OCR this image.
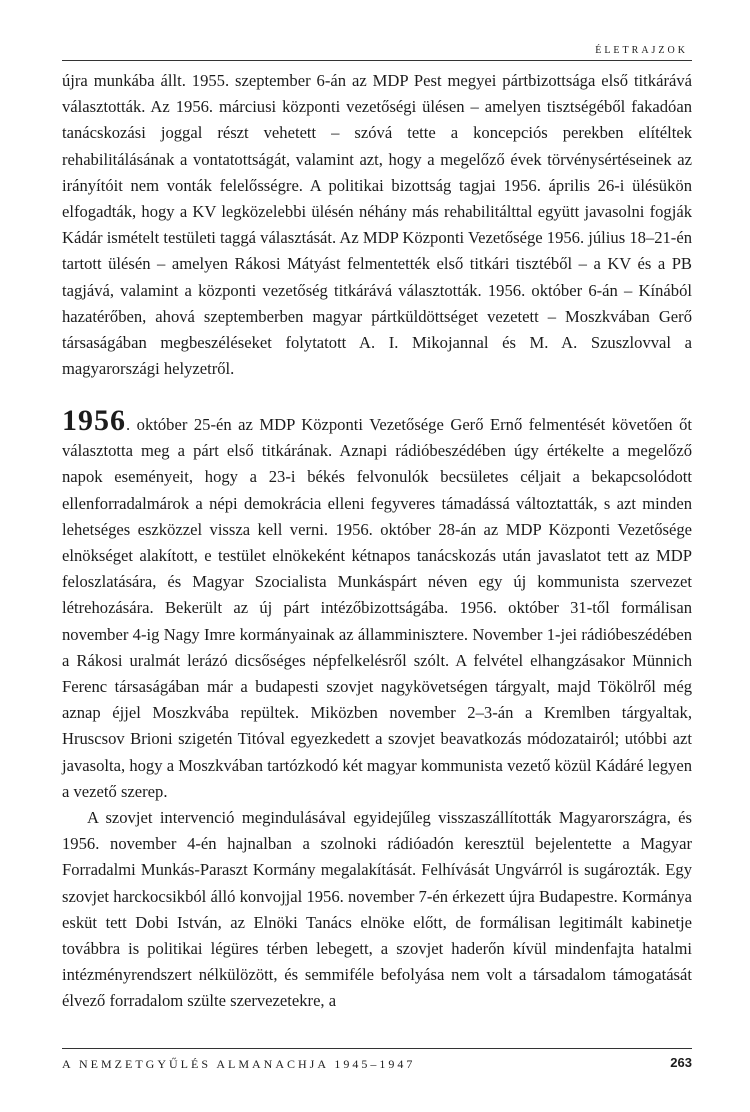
ÉLETRAJZOK

újra munkába állt. 1955. szeptember 6-án az MDP Pest megyei pártbizottsága első titkárává választották. Az 1956. márciusi központi vezetőségi ülésen – amelyen tisztségéből fakadóan tanácskozási joggal részt vehetett – szóvá tette a koncepciós perekben elítéltek rehabilitálásának a vontatottságát, valamint azt, hogy a megelőző évek törvénysértéseinek az irányítóit nem vonták felelősségre. A politikai bizottság tagjai 1956. április 26-i ülésükön elfogadták, hogy a KV legközelebbi ülésén néhány más rehabilitálttal együtt javasolni fogják Kádár ismételt testületi taggá választását. Az MDP Központi Vezetősége 1956. július 18–21-én tartott ülésén – amelyen Rákosi Mátyást felmentették első titkári tisztéből – a KV és a PB tagjává, valamint a központi vezetőség titkárává választották. 1956. október 6-án – Kínából hazatérőben, ahová szeptemberben magyar pártküldöttséget vezetett – Moszkvában Gerő társaságában megbeszéléseket folytatott A. I. Mikojannal és M. A. Szuszlovval a magyarországi helyzetről.

1956. október 25-én az MDP Központi Vezetősége Gerő Ernő felmentését követően őt választotta meg a párt első titkárának. Aznapi rádióbeszédében úgy értékelte a megelőző napok eseményeit, hogy a 23-i békés felvonulók becsületes céljait a bekapcsolódott ellenforradalmárok a népi demokrácia elleni fegyveres támadássá változtatták, s azt minden lehetséges eszközzel vissza kell verni. 1956. október 28-án az MDP Központi Vezetősége elnökséget alakított, e testület elnökeként kétnapos tanácskozás után javaslatot tett az MDP feloszlatására, és Magyar Szocialista Munkáspárt néven egy új kommunista szervezet létrehozására. Bekerült az új párt intézőbizottságába. 1956. október 31-től formálisan november 4-ig Nagy Imre kormányainak az államminisztere. November 1-jei rádióbeszédében a Rákosi uralmát lerázó dicsőséges népfelkelésről szólt. A felvétel elhangzásakor Münnich Ferenc társaságában már a budapesti szovjet nagykövetségen tárgyalt, majd Tökölről még aznap éjjel Moszkvába repültek. Miközben november 2–3-án a Kremlben tárgyaltak, Hruscsov Brioni szigetén Titóval egyezkedett a szovjet beavatkozás módozatairól; utóbbi azt javasolta, hogy a Moszkvában tartózkodó két magyar kommunista vezető közül Kádáré legyen a vezető szerep.

A szovjet intervenció megindulásával egyidejűleg visszaszállították Magyarországra, és 1956. november 4-én hajnalban a szolnoki rádióadón keresztül bejelentette a Magyar Forradalmi Munkás-Paraszt Kormány megalakítását. Felhívását Ungvárról is sugározták. Egy szovjet harckocsikból álló konvojjal 1956. november 7-én érkezett újra Budapestre. Kormánya esküt tett Dobi István, az Elnöki Tanács elnöke előtt, de formálisan legitimált kabinetje továbbra is politikai légüres térben lebegett, a szovjet haderőn kívül mindenfajta hatalmi intézményrendszert nélkülözött, és semmiféle befolyása nem volt a társadalom támogatását élvező forradalom szülte szervezetekre, a

A NEMZETGYŰLÉS ALMANACHJA 1945–1947	263
